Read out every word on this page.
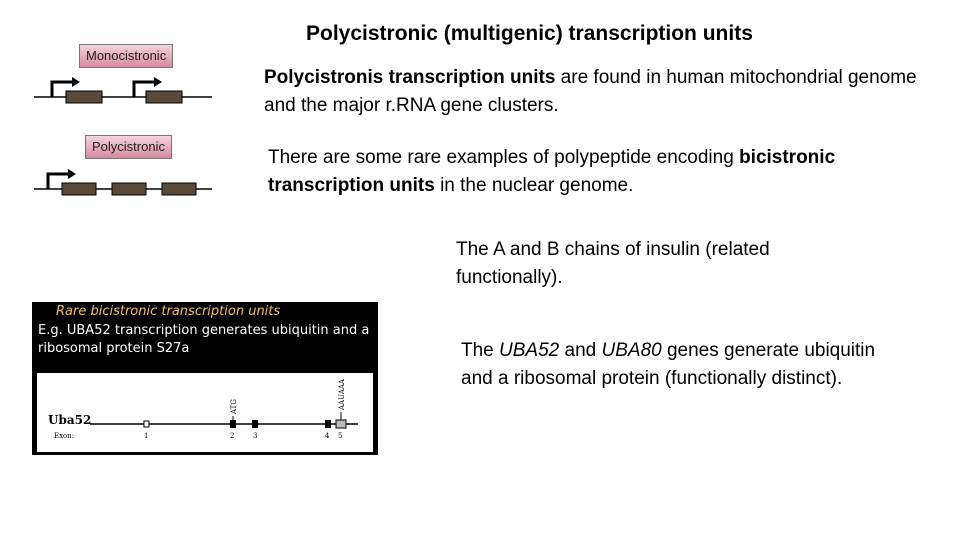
Polycistronic (multigenic) transcription units
Polycistronis transcription units are found in human mitochondrial genome and the major r.RNA gene clusters.
There are some rare examples of polypeptide encoding bicistronic transcription units in the nuclear genome.
The A and B chains of insulin (related functionally).
The UBA52 and UBA80 genes generate ubiquitin and a ribosomal protein (functionally distinct).
Monocistronic
Polycistronic
Rare bicistronic transcription units
E.g. UBA52 transcription generates ubiquitin and a ribosomal protein S27a
Uba52
Exon:
ATG	AAUAAA
1	2	3	4 5
